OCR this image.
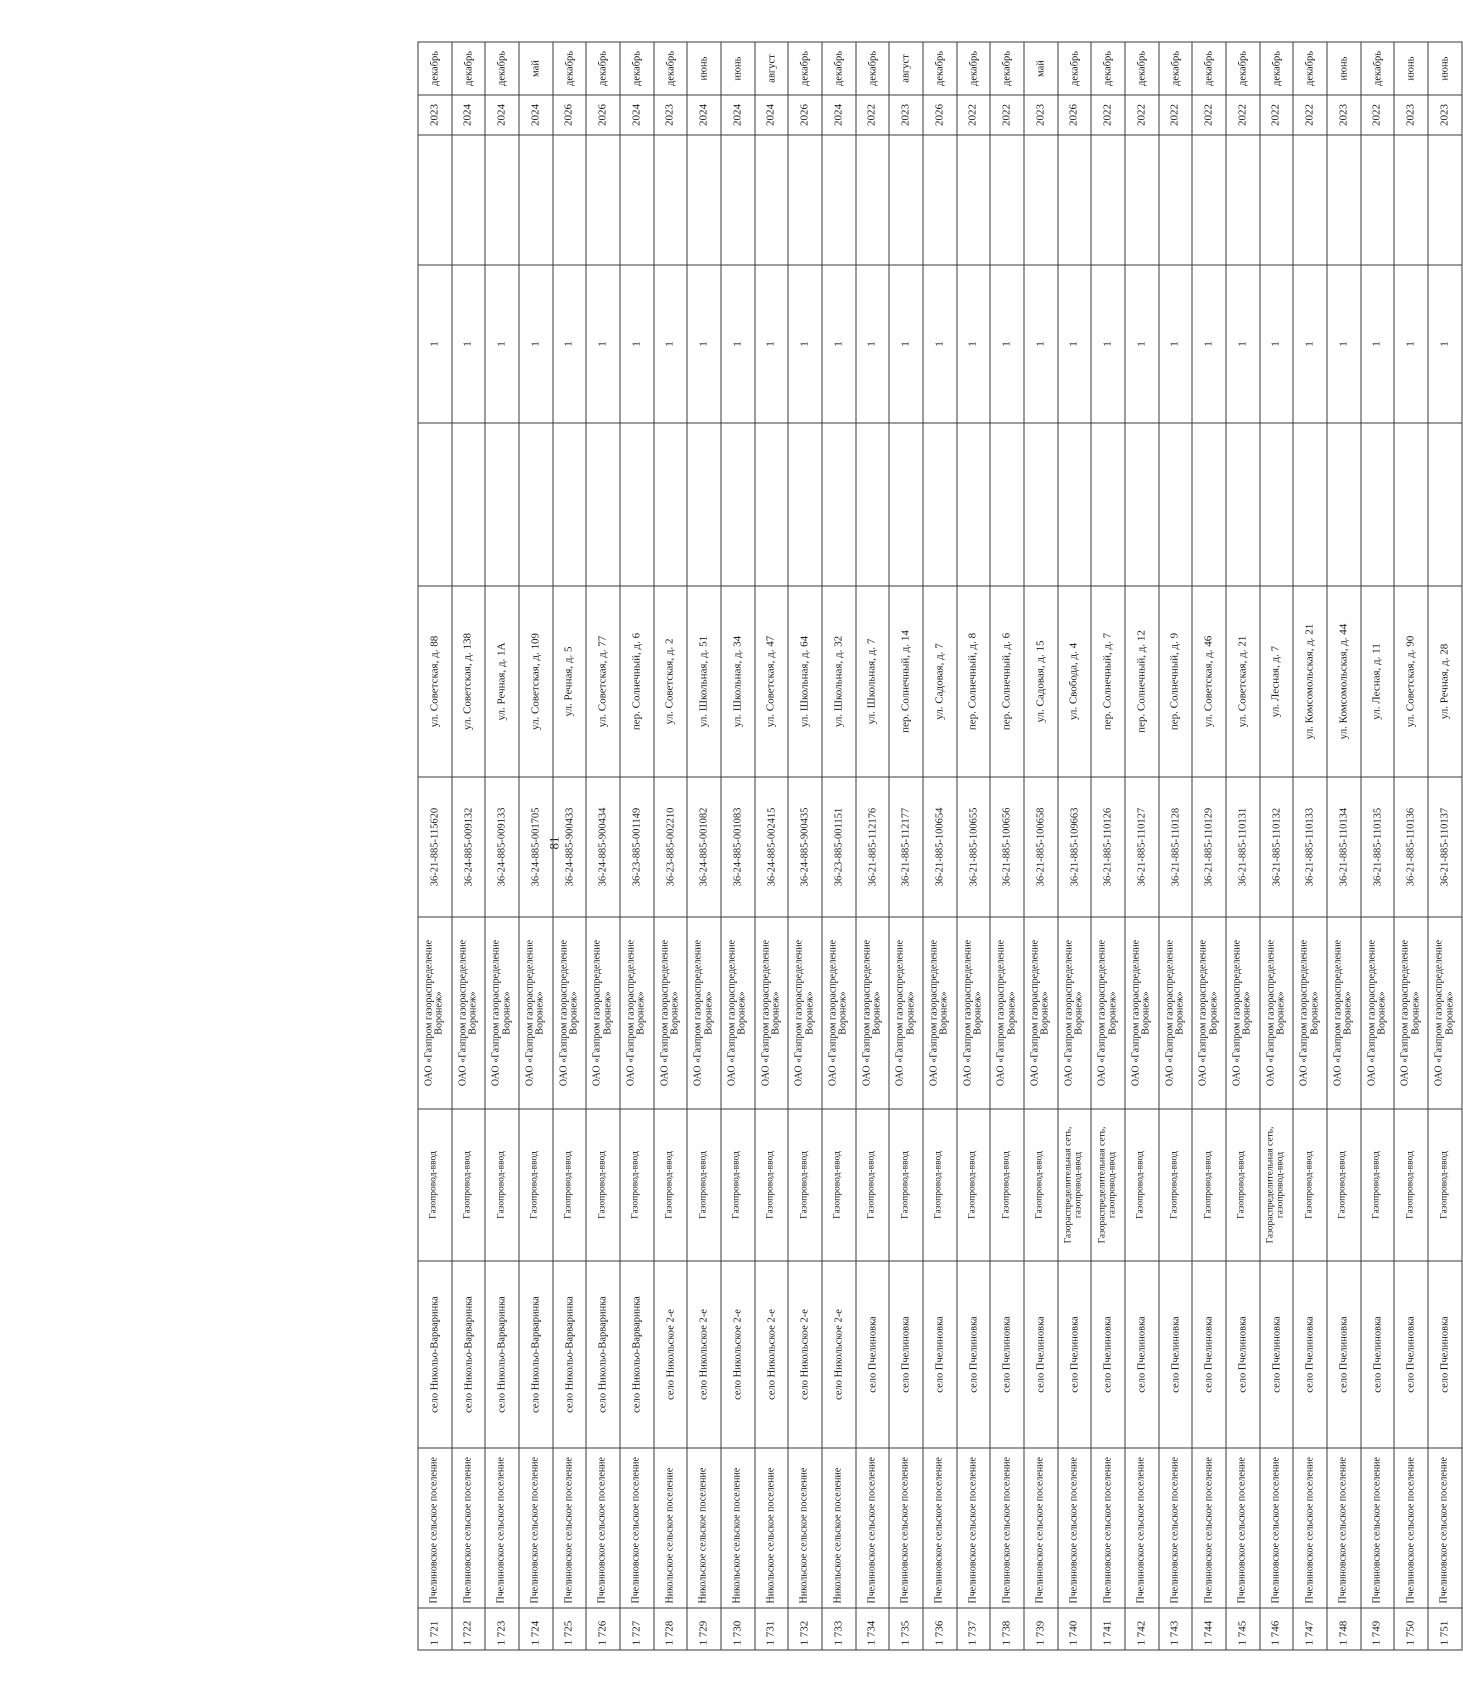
81
1 721	Пчелиновское сельское поселение	село Никольо-Варваринка	Газопровод-ввод	ОАО «Газпром газораспределение Воронеж»	36-21-885-115620	ул. Советская, д. 88		1		2023	декабрь
1 722	Пчелиновское сельское поселение	село Никольо-Варваринка	Газопровод-ввод	ОАО «Газпром газораспределение Воронеж»	36-24-885-009132	ул. Советская, д. 138		1		2024	декабрь
1 723	Пчелиновское сельское поселение	село Никольо-Варваринка	Газопровод-ввод	ОАО «Газпром газораспределение Воронеж»	36-24-885-009133	ул. Речная, д. 1А		1		2024	декабрь
1 724	Пчелиновское сельское поселение	село Никольо-Варваринка	Газопровод-ввод	ОАО «Газпром газораспределение Воронеж»	36-24-885-001705	ул. Советская, д. 109		1		2024	май
1 725	Пчелиновское сельское поселение	село Никольо-Варваринка	Газопровод-ввод	ОАО «Газпром газораспределение Воронеж»	36-24-885-900433	ул. Речная, д. 5		1		2026	декабрь
1 726	Пчелиновское сельское поселение	село Никольо-Варваринка	Газопровод-ввод	ОАО «Газпром газораспределение Воронеж»	36-24-885-900434	ул. Советская, д. 77		1		2026	декабрь
1 727	Пчелиновское сельское поселение	село Никольо-Варваринка	Газопровод-ввод	ОАО «Газпром газораспределение Воронеж»	36-23-885-001149	пер. Солнечный, д. 6		1		2024	декабрь
1 728	Никольское сельское поселение	село Никольское 2-е	Газопровод-ввод	ОАО «Газпром газораспределение Воронеж»	36-23-885-002210	ул. Советская, д. 2		1		2023	декабрь
1 729	Никольское сельское поселение	село Никольское 2-е	Газопровод-ввод	ОАО «Газпром газораспределение Воронеж»	36-24-885-001082	ул. Школьная, д. 51		1		2024	июнь
1 730	Никольское сельское поселение	село Никольское 2-е	Газопровод-ввод	ОАО «Газпром газораспределение Воронеж»	36-24-885-001083	ул. Школьная, д. 34		1		2024	июнь
1 731	Никольское сельское поселение	село Никольское 2-е	Газопровод-ввод	ОАО «Газпром газораспределение Воронеж»	36-24-885-002415	ул. Советская, д. 47		1		2024	август
1 732	Никольское сельское поселение	село Никольское 2-е	Газопровод-ввод	ОАО «Газпром газораспределение Воронеж»	36-24-885-900435	ул. Школьная, д. 64		1		2026	декабрь
1 733	Никольское сельское поселение	село Никольское 2-е	Газопровод-ввод	ОАО «Газпром газораспределение Воронеж»	36-23-885-001151	ул. Школьная, д. 32		1		2024	декабрь
1 734	Пчелиновское сельское поселение	село Пчелиновка	Газопровод-ввод	ОАО «Газпром газораспределение Воронеж»	36-21-885-112176	ул. Школьная, д. 7		1		2022	декабрь
1 735	Пчелиновское сельское поселение	село Пчелиновка	Газопровод-ввод	ОАО «Газпром газораспределение Воронеж»	36-21-885-112177	пер. Солнечный, д. 14		1		2023	август
1 736	Пчелиновское сельское поселение	село Пчелиновка	Газопровод-ввод	ОАО «Газпром газораспределение Воронеж»	36-21-885-100654	ул. Садовая, д. 7		1		2026	декабрь
1 737	Пчелиновское сельское поселение	село Пчелиновка	Газопровод-ввод	ОАО «Газпром газораспределение Воронеж»	36-21-885-100655	пер. Солнечный, д. 8		1		2022	декабрь
1 738	Пчелиновское сельское поселение	село Пчелиновка	Газопровод-ввод	ОАО «Газпром газораспределение Воронеж»	36-21-885-100656	пер. Солнечный, д. 6		1		2022	декабрь
1 739	Пчелиновское сельское поселение	село Пчелиновка	Газопровод-ввод	ОАО «Газпром газораспределение Воронеж»	36-21-885-100658	ул. Садовая, д. 15		1		2023	май
1 740	Пчелиновское сельское поселение	село Пчелиновка	Газораспределительная сеть, газопровод-ввод	ОАО «Газпром газораспределение Воронеж»	36-21-885-109663	ул. Свобода, д. 4		1		2026	декабрь
1 741	Пчелиновское сельское поселение	село Пчелиновка	Газораспределительная сеть, газопровод-ввод	ОАО «Газпром газораспределение Воронеж»	36-21-885-110126	пер. Солнечный, д. 7		1		2022	декабрь
1 742	Пчелиновское сельское поселение	село Пчелиновка	Газопровод-ввод	ОАО «Газпром газораспределение Воронеж»	36-21-885-110127	пер. Солнечный, д. 12		1		2022	декабрь
1 743	Пчелиновское сельское поселение	село Пчелиновка	Газопровод-ввод	ОАО «Газпром газораспределение Воронеж»	36-21-885-110128	пер. Солнечный, д. 9		1		2022	декабрь
1 744	Пчелиновское сельское поселение	село Пчелиновка	Газопровод-ввод	ОАО «Газпром газораспределение Воронеж»	36-21-885-110129	ул. Советская, д. 46		1		2022	декабрь
1 745	Пчелиновское сельское поселение	село Пчелиновка	Газопровод-ввод	ОАО «Газпром газораспределение Воронеж»	36-21-885-110131	ул. Советская, д. 21		1		2022	декабрь
1 746	Пчелиновское сельское поселение	село Пчелиновка	Газораспределительная сеть, газопровод-ввод	ОАО «Газпром газораспределение Воронеж»	36-21-885-110132	ул. Лесная, д. 7		1		2022	декабрь
1 747	Пчелиновское сельское поселение	село Пчелиновка	Газопровод-ввод	ОАО «Газпром газораспределение Воронеж»	36-21-885-110133	ул. Комсомольская, д. 21		1		2022	декабрь
1 748	Пчелиновское сельское поселение	село Пчелиновка	Газопровод-ввод	ОАО «Газпром газораспределение Воронеж»	36-21-885-110134	ул. Комсомольская, д. 44		1		2023	июнь
1 749	Пчелиновское сельское поселение	село Пчелиновка	Газопровод-ввод	ОАО «Газпром газораспределение Воронеж»	36-21-885-110135	ул. Лесная, д. 11		1		2022	декабрь
1 750	Пчелиновское сельское поселение	село Пчелиновка	Газопровод-ввод	ОАО «Газпром газораспределение Воронеж»	36-21-885-110136	ул. Советская, д. 90		1		2023	июнь
1 751	Пчелиновское сельское поселение	село Пчелиновка	Газопровод-ввод	ОАО «Газпром газораспределение Воронеж»	36-21-885-110137	ул. Речная, д. 28		1		2023	июнь
